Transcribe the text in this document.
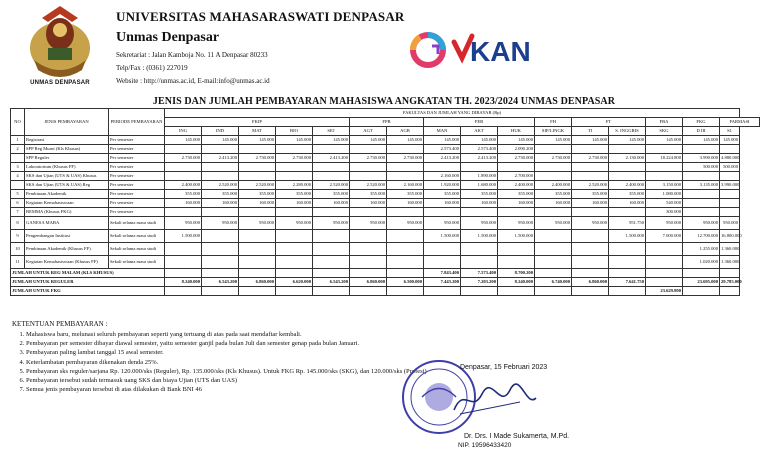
UNMAS DENPASAR
UNIVERSITAS MAHASARASWATI DENPASAR
Unmas Denpasar
Sekretariat : Jalan Kamboja No. 11 A Denpasar 80233
Telp/Fax : (0361) 227019
Website : http://unmas.ac.id, E-mail:info@unmas.ac.id
KAN
JENIS DAN JUMLAH PEMBAYARAN MAHASISWA ANGKATAN TH. 2023/2024 UNMAS DENPASAR
NO	JENIS PEMBAYARAN	PERIODE PEMBAYARAN	FAKULTAS DAN JUMLAH YANG DIBAYAR (Rp)															
			FKIP					FPB		FEB			FH	FT		FBA	FKG	FARMASI
			ING	IND	MAT	BIO	SEJ	AGT	AGB	MAN	AKT	HUK	SIP/LINGK	TI	S. INGGRIS	SKG	D III	S1
1	Registrasi	Per semester	145.000	145.000	145.000	145.000	145.000	145.000	145.000	145.000	145.000	145.000	145.000	145.000	145.000	145.000	145.000	145.000
2	SPP Reg Murni (Kls Khusus)	Per semester								2.573.400	2.573.400	2.090.200						
	SPP Reguler	Per semester	2.730.000	2.413.200	2.730.000	2.730.000	2.413.200	2.730.000	2.730.000	2.413.200	2.413.200	2.730.000	2.730.000	2.730.000	2.130.000	18.224.800	3.990.000	4.880.000
3	Laboratorium (Khusus FF)	Per semester															500.000	500.000
4	SKS dan Ujian (UTS & UAS) Khusus	Per semester								2.160.000	1.890.000	2.700.000						
	SKS dan Ujian (UTS & UAS) Reg	Per semester	2.400.000	2.520.000	2.520.000	2.280.000	2.520.000	2.520.000	2.160.000	1.920.000	1.680.000	2.400.000	2.400.000	2.520.000	2.400.000	3.150.000	3.135.000	3.990.000
5	Pembinaan Akademik	Per semester	355.000	355.000	355.000	355.000	355.000	355.000	355.000	355.000	355.000	355.000	355.000	355.000	355.000	1.080.000		
6	Kegiatan Kemahasiswaan	Per semester	160.000	160.000	160.000	160.000	160.000	160.000	160.000	160.000	160.000	160.000	160.000	160.000	160.000	540.000		
7	BEMMA (Khusus FKG)	Per semester														300.000		
8	GANESA MABA	Sekali selama masa studi	950.000	950.000	950.000	950.000	950.000	950.000	950.000	950.000	950.000	950.000	950.000	950.000	951.750	950.000	950.000	950.000
9	Pengembangan Institusi	Sekali selama masa studi	1.500.000							1.500.000	1.500.000	1.500.000			1.500.000	7.000.000	12.700.000	16.800.000
10	Pembinaan Akademik (Khusus FF)	Sekali selama masa studi															1.255.000	1.360.000
11	Kegiatan Kemahasiswaan (Khusus FF)	Sekali selama masa studi															1.020.000	1.360.000
JUMLAH UNTUK REG MALAM (KLS KHUSUS)										7.843.400	7.573.400	8.700.200						
JUMLAH UNTUK REGULER			8.240.000	6.543.200	6.860.000	6.620.000	6.543.200	6.860.000	6.500.000	7.443.200	7.203.200	8.240.000	6.740.000	6.860.000	7.641.750		23.695.000	29.785.000
JUMLAH UNTUK FKG																23.629.800		
KETENTUAN PEMBAYARAN :
1. Mahasiswa baru, melunasi seluruh pembayaran seperti yang tertuang di atas pada saat mendaftar kembali.
2. Pembayaran per semester dibayar diawal semester, yaitu semester ganjil pada bulan Juli dan semester genap pada bulan Januari.
3. Pembayaran paling lambat tanggal 15 awal semester.
4. Keterlambatan pembayaran dikenakan denda 25%.
5. Pembayaran sks reguler/sarjana Rp. 120.000/sks (Reguler), Rp. 135.000/sks (Kls Khusus). Untuk FKG Rp. 145.000/sks (SKG), dan 120.000/sks (Profesi)
6. Pembayaran tersebut sudah termasuk uang SKS dan biaya Ujian (UTS dan UAS)
7. Semua jenis pembayaran tersebut di atas dilakukan di Bank BNI 46
Denpasar, 15 Februari 2023
Dr. Drs. I Made Sukamerta, M.Pd.
NIP. 19596433420
